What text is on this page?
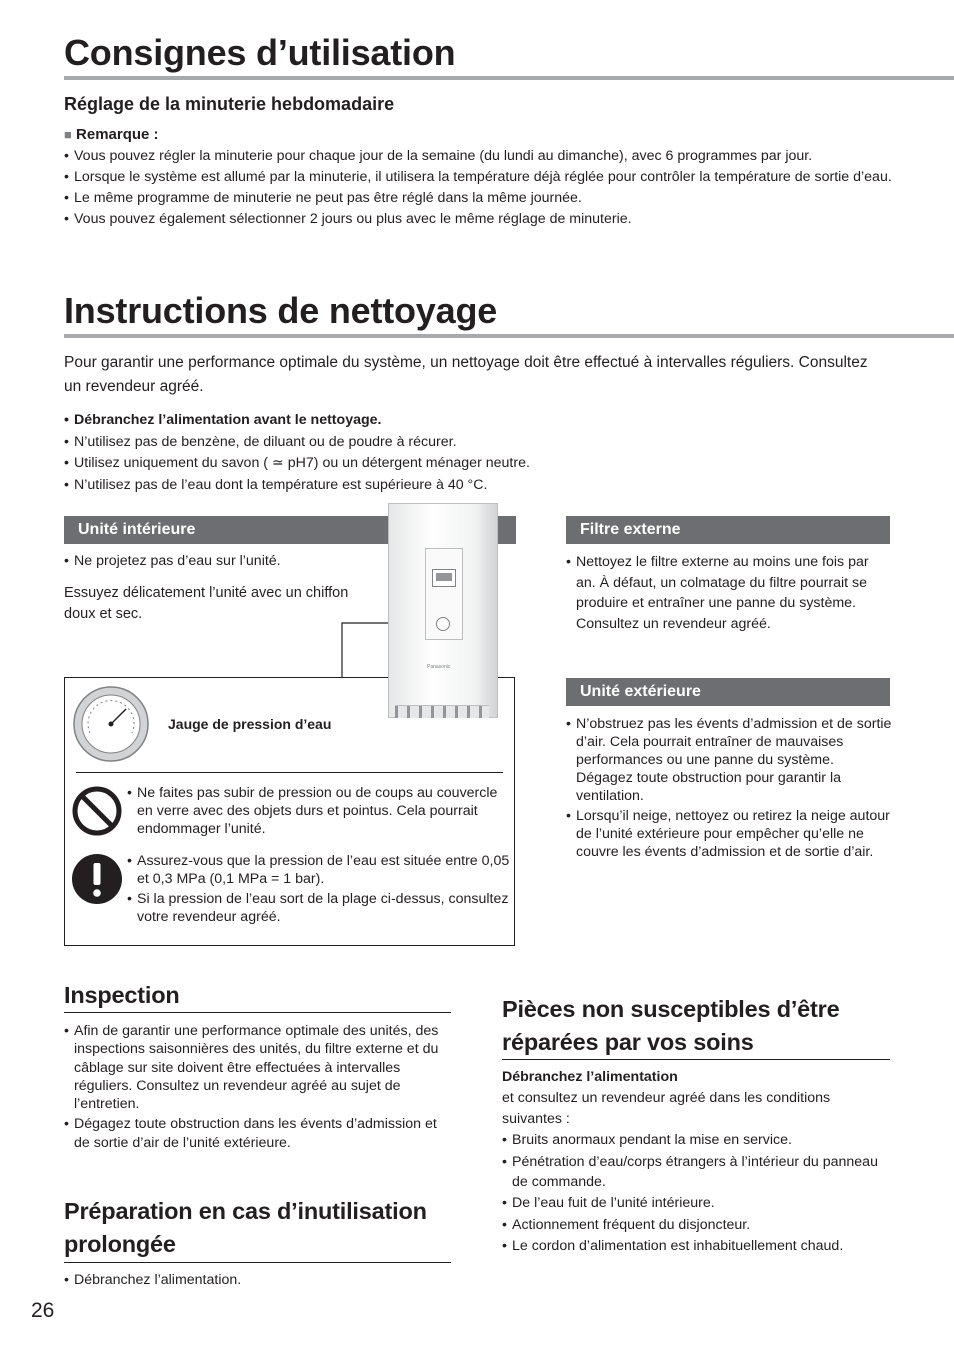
Consignes d’utilisation
Réglage de la minuterie hebdomadaire
■ Remarque :
• Vous pouvez régler la minuterie pour chaque jour de la semaine (du lundi au dimanche), avec 6 programmes par jour.
• Lorsque le système est allumé par la minuterie, il utilisera la température déjà réglée pour contrôler la température de sortie d’eau.
• Le même programme de minuterie ne peut pas être réglé dans la même journée.
• Vous pouvez également sélectionner 2 jours ou plus avec le même réglage de minuterie.
Instructions de nettoyage
Pour garantir une performance optimale du système, un nettoyage doit être effectué à intervalles réguliers. Consultez un revendeur agréé.
• Débranchez l’alimentation avant le nettoyage.
• N’utilisez pas de benzène, de diluant ou de poudre à récurer.
• Utilisez uniquement du savon ( ≃ pH7) ou un détergent ménager neutre.
• N’utilisez pas de l’eau dont la température est supérieure à 40 °C.
Unité intérieure
• Ne projetez pas d’eau sur l’unité.
Essuyez délicatement l’unité avec un chiffon doux et sec.
Panasonic
Jauge de pression d’eau
• Ne faites pas subir de pression ou de coups au couvercle en verre avec des objets durs et pointus. Cela pourrait endommager l’unité.
• Assurez-vous que la pression de l’eau est située entre 0,05 et 0,3 MPa (0,1 MPa = 1 bar).
• Si la pression de l’eau sort de la plage ci-dessus, consultez votre revendeur agréé.
Filtre externe
• Nettoyez le filtre externe au moins une fois par an. À défaut, un colmatage du filtre pourrait se produire et entraîner une panne du système. Consultez un revendeur agréé.
Unité extérieure
• N’obstruez pas les évents d’admission et de sortie d’air. Cela pourrait entraîner de mauvaises performances ou une panne du système. Dégagez toute obstruction pour garantir la ventilation.
• Lorsqu’il neige, nettoyez ou retirez la neige autour de l’unité extérieure pour empêcher qu’elle ne couvre les évents d’admission et de sortie d’air.
Inspection
• Afin de garantir une performance optimale des unités, des inspections saisonnières des unités, du filtre externe et du câblage sur site doivent être effectuées à intervalles réguliers. Consultez un revendeur agréé au sujet de l’entretien.
• Dégagez toute obstruction dans les évents d’admission et de sortie d’air de l’unité extérieure.
Préparation en cas d’inutilisation prolongée
• Débranchez l’alimentation.
Pièces non susceptibles d’être réparées par vos soins
Débranchez l’alimentation
et consultez un revendeur agréé dans les conditions suivantes :
• Bruits anormaux pendant la mise en service.
• Pénétration d’eau/corps étrangers à l’intérieur du panneau de commande.
• De l’eau fuit de l’unité intérieure.
• Actionnement fréquent du disjoncteur.
• Le cordon d’alimentation est inhabituellement chaud.
26
